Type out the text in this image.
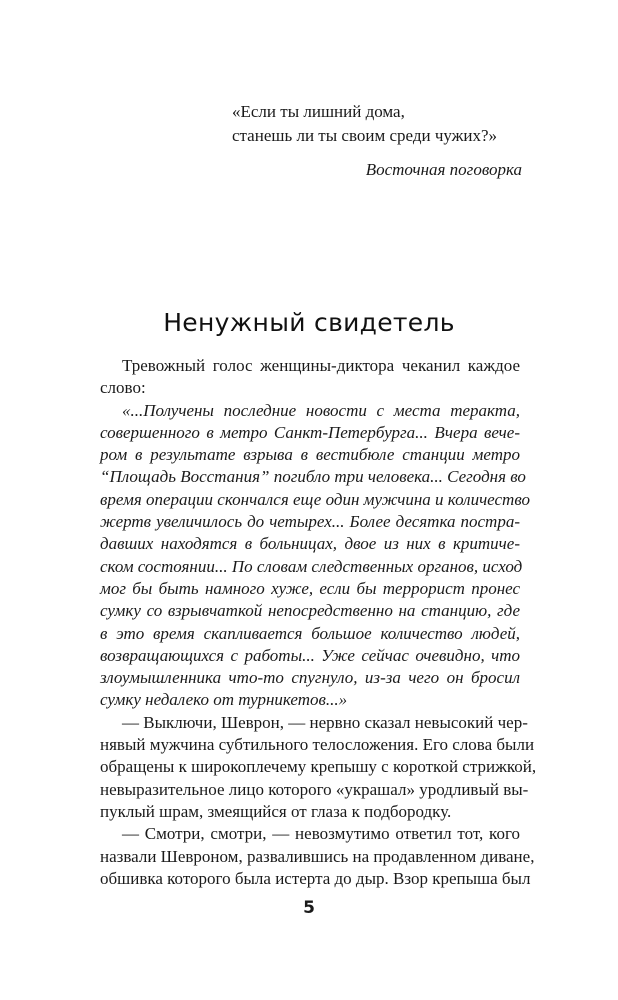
«Если ты лишний дома,
станешь ли ты своим среди чужих?»
Восточная поговорка
Ненужный свидетель
Тревожный голос женщины-диктора чеканил каждое
слово:
«...Получены последние новости с места теракта,
совершенного в метро Санкт-Петербурга... Вчера вече-
ром в результате взрыва в вестибюле станции метро
“Площадь Восстания” погибло три человека... Сегодня во
время операции скончался еще один мужчина и количество
жертв увеличилось до четырех... Более десятка постра-
давших находятся в больницах, двое из них в критиче-
ском состоянии... По словам следственных органов, исход
мог бы быть намного хуже, если бы террорист пронес
сумку со взрывчаткой непосредственно на станцию, где
в это время скапливается большое количество людей,
возвращающихся с работы... Уже сейчас очевидно, что
злоумышленника что-то спугнуло, из-за чего он бросил
сумку недалеко от турникетов...»
— Выключи, Шеврон, — нервно сказал невысокий чер-
нявый мужчина субтильного телосложения. Его слова были
обращены к широкоплечему крепышу с короткой стрижкой,
невыразительное лицо которого «украшал» уродливый вы-
пуклый шрам, змеящийся от глаза к подбородку.
— Смотри, смотри, — невозмутимо ответил тот, кого
назвали Шевроном, развалившись на продавленном диване,
обшивка которого была истерта до дыр. Взор крепыша был
5
